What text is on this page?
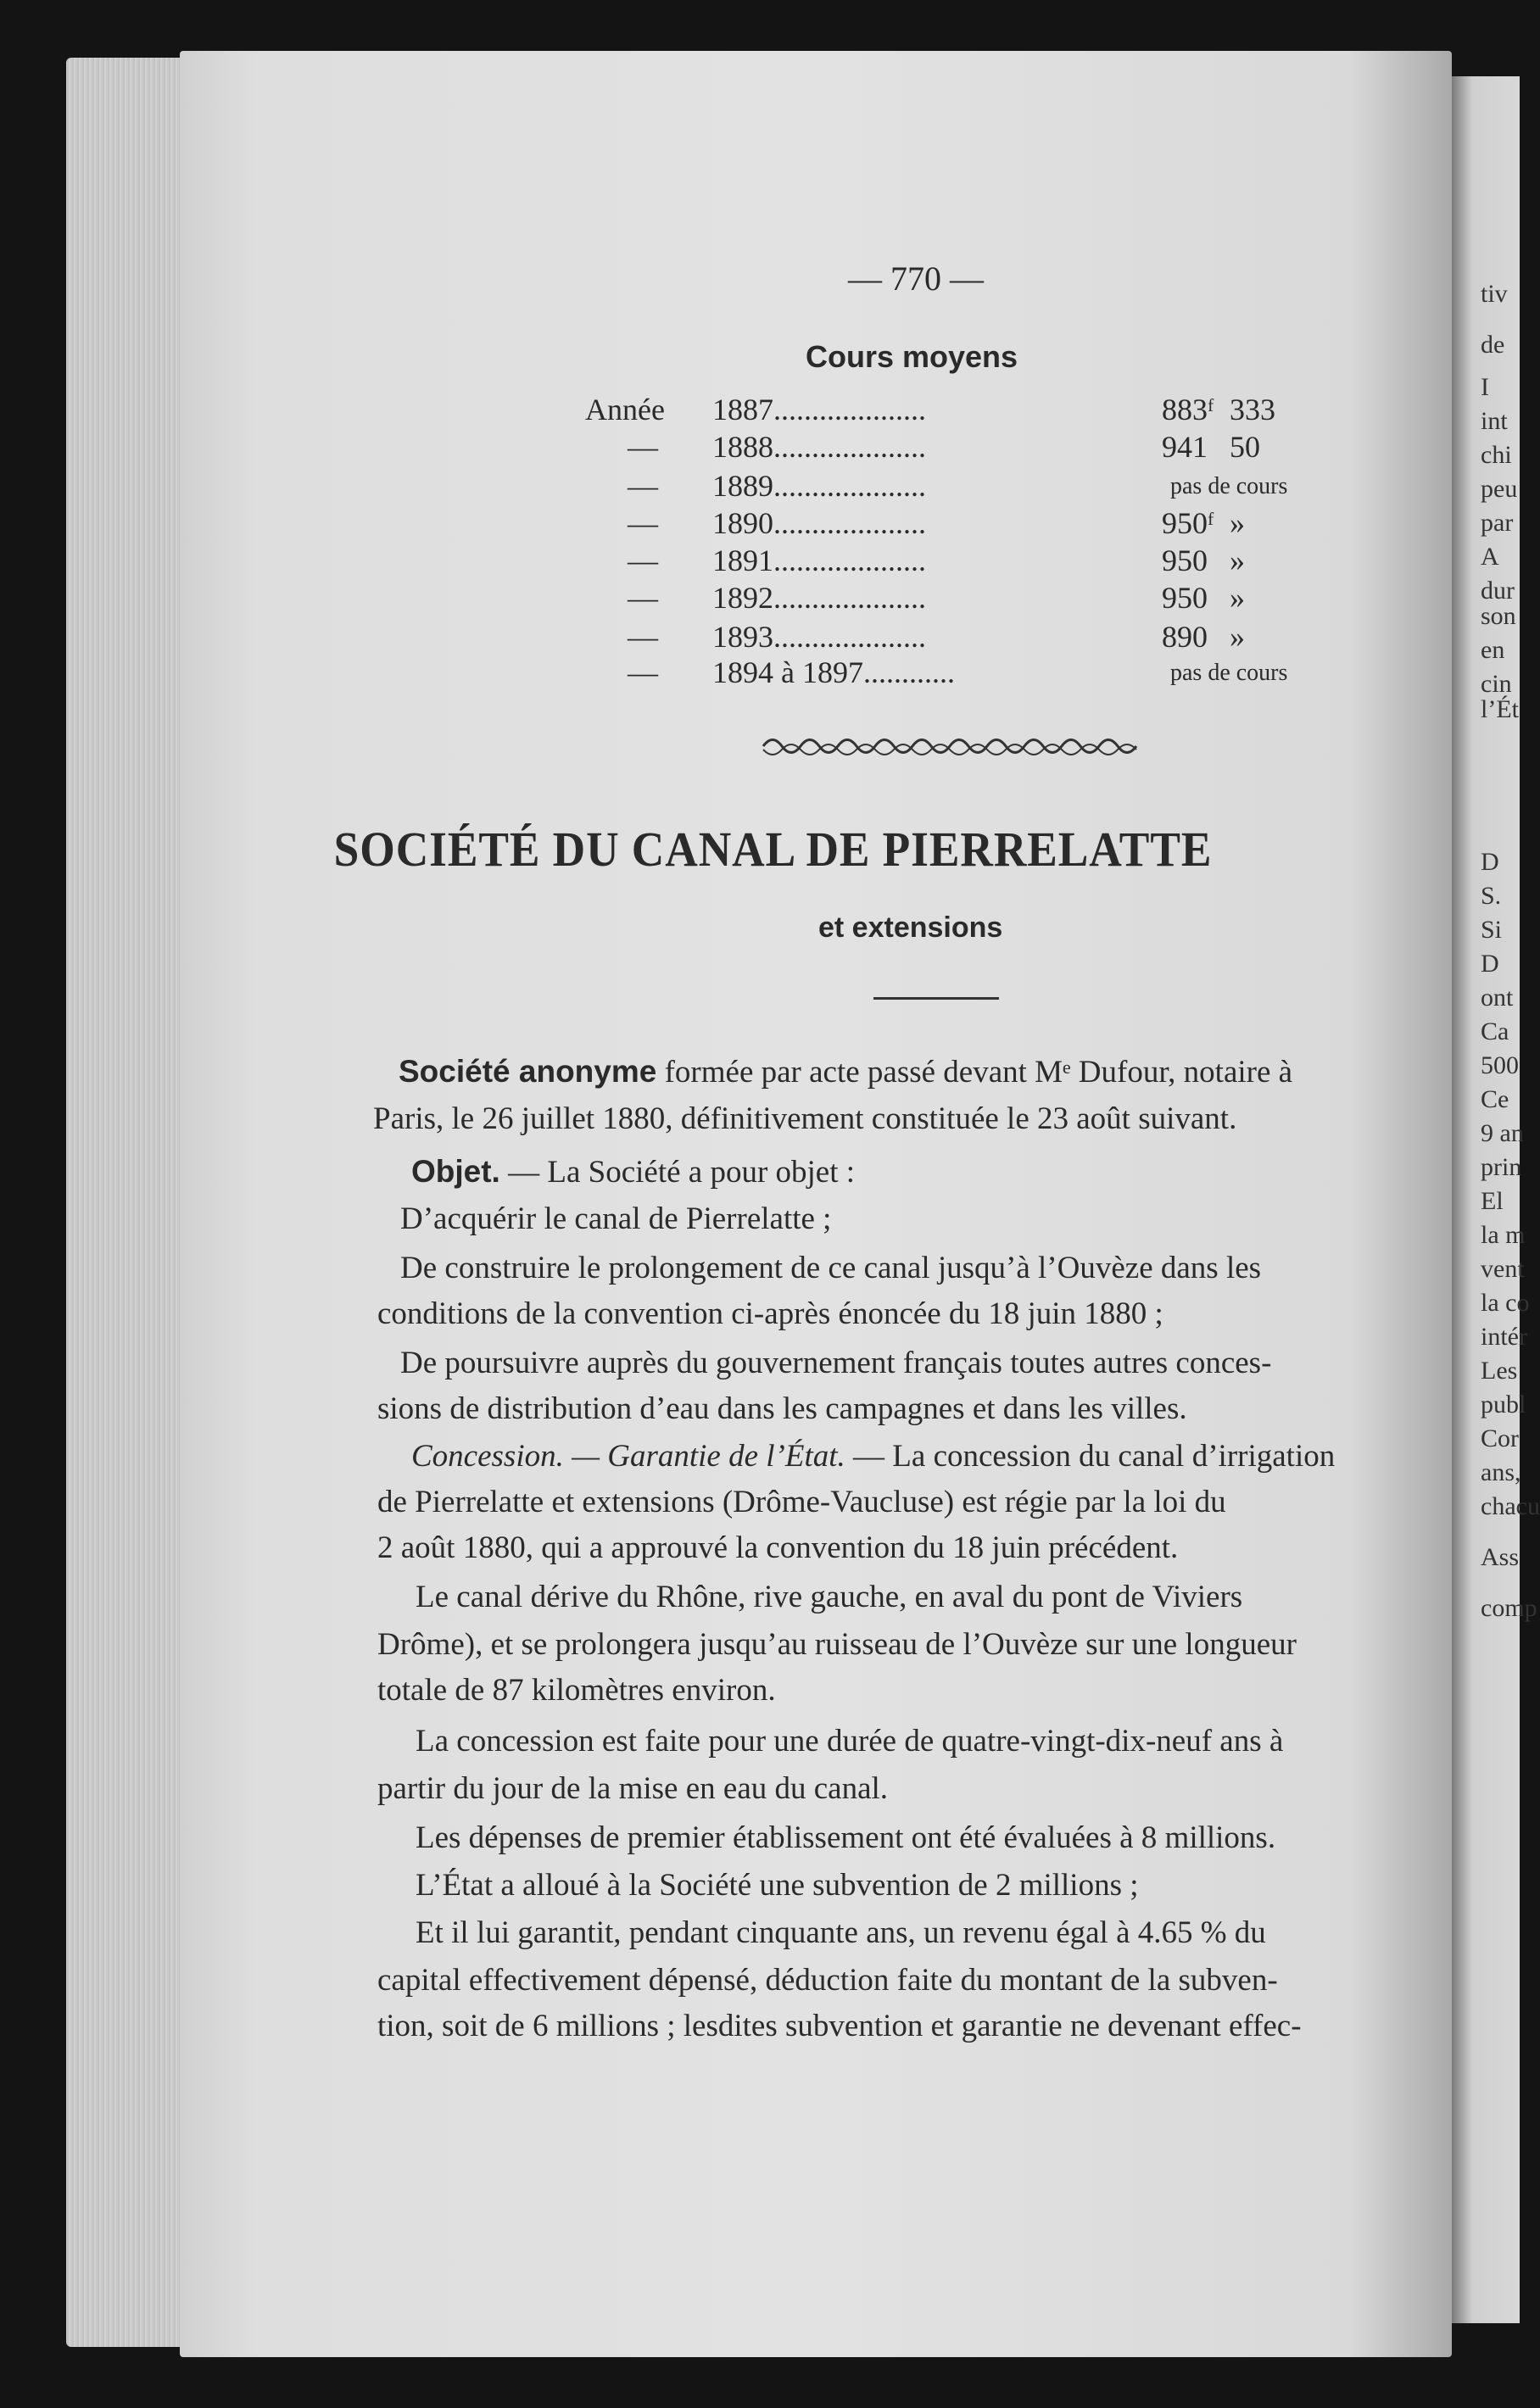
tiv
de
I
int
chi
peu
par
A
dur
son
en
cin
l’Ét
D
S.
Si
D
ont
Ca
500
Ce
9 an
prin
El
la m
vent
la co
intér
Les
publ
Cor
ans,
chacu
Ass
comp
— 770 —
Cours moyens
Année	1887....................	883ᶠ 333
—	1888....................	941 50
—	1889....................	pas de cours
—	1890....................	950ᶠ »
—	1891....................	950 »
—	1892....................	950 »
—	1893....................	890 »
—	1894 à 1897............	pas de cours
SOCIÉTÉ DU CANAL DE PIERRELATTE
et extensions
Société anonyme formée par acte passé devant Mᵉ Dufour, notaire à
Paris, le 26 juillet 1880, définitivement constituée le 23 août suivant.
Objet. — La Société a pour objet :
D’acquérir le canal de Pierrelatte ;
De construire le prolongement de ce canal jusqu’à l’Ouvèze dans les
conditions de la convention ci-après énoncée du 18 juin 1880 ;
De poursuivre auprès du gouvernement français toutes autres conces-
sions de distribution d’eau dans les campagnes et dans les villes.
Concession. — Garantie de l’État. — La concession du canal d’irrigation
de Pierrelatte et extensions (Drôme-Vaucluse) est régie par la loi du
2 août 1880, qui a approuvé la convention du 18 juin précédent.
Le canal dérive du Rhône, rive gauche, en aval du pont de Viviers
Drôme), et se prolongera jusqu’au ruisseau de l’Ouvèze sur une longueur
totale de 87 kilomètres environ.
La concession est faite pour une durée de quatre-vingt-dix-neuf ans à
partir du jour de la mise en eau du canal.
Les dépenses de premier établissement ont été évaluées à 8 millions.
L’État a alloué à la Société une subvention de 2 millions ;
Et il lui garantit, pendant cinquante ans, un revenu égal à 4.65 % du
capital effectivement dépensé, déduction faite du montant de la subven-
tion, soit de 6 millions ; lesdites subvention et garantie ne devenant effec-
